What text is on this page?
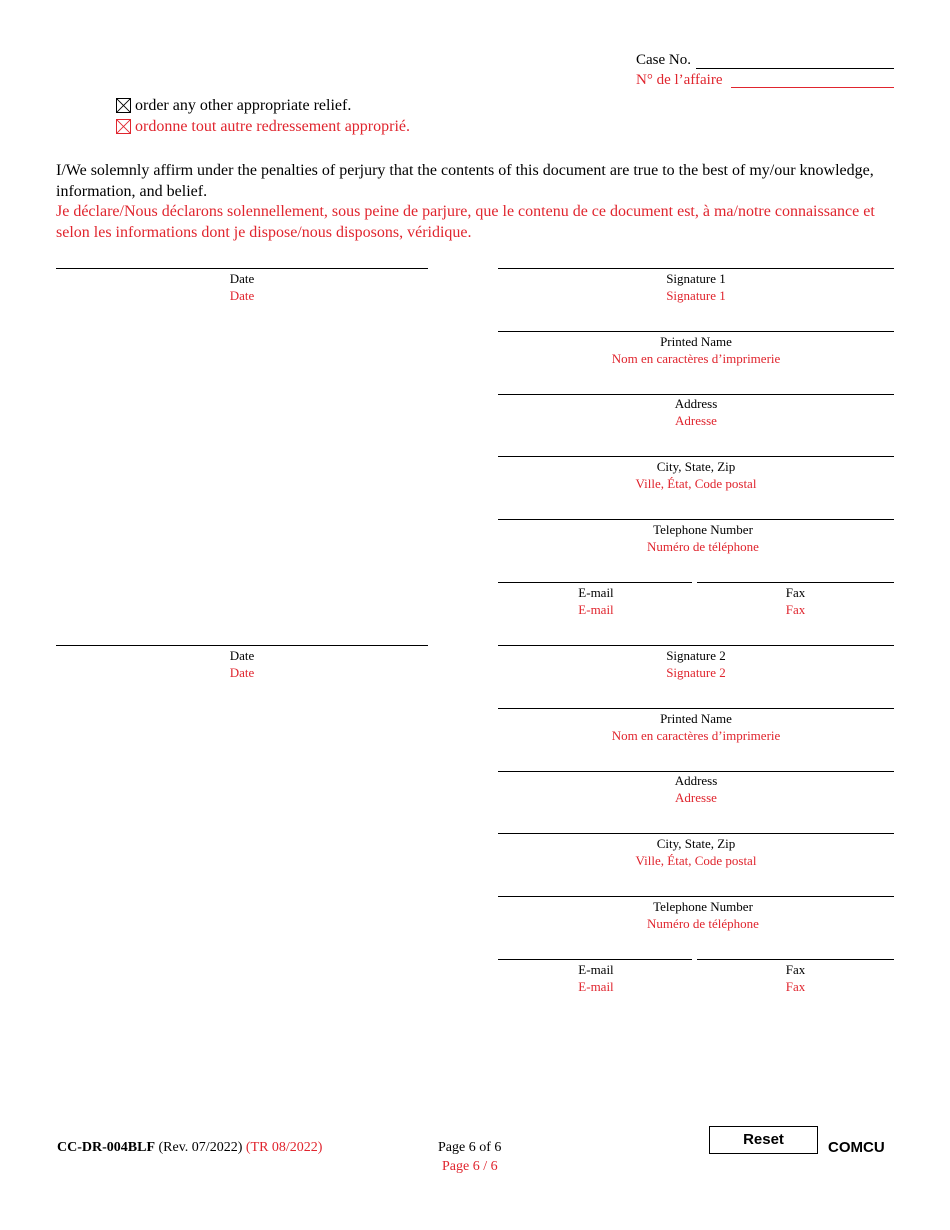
Case No.
N° de l’affaire
order any other appropriate relief.
ordonne tout autre redressement approprié.
I/We solemnly affirm under the penalties of perjury that the contents of this document are true to the best of my/our knowledge, information, and belief.
Je déclare/Nous déclarons solennellement, sous peine de parjure, que le contenu de ce document est, à ma/notre connaissance et selon les informations dont je dispose/nous disposons, véridique.
Date
Date
Signature 1
Signature 1
Printed Name
Nom en caractères d’imprimerie
Address
Adresse
City, State, Zip
Ville, État, Code postal
Telephone Number
Numéro de téléphone
E-mail
E-mail
Fax
Fax
Date
Date
Signature 2
Signature 2
Printed Name
Nom en caractères d’imprimerie
Address
Adresse
City, State, Zip
Ville, État, Code postal
Telephone Number
Numéro de téléphone
E-mail
E-mail
Fax
Fax
CC-DR-004BLF (Rev. 07/2022) (TR 08/2022)	Page 6 of 6
Page 6 / 6
Reset	COMCU
